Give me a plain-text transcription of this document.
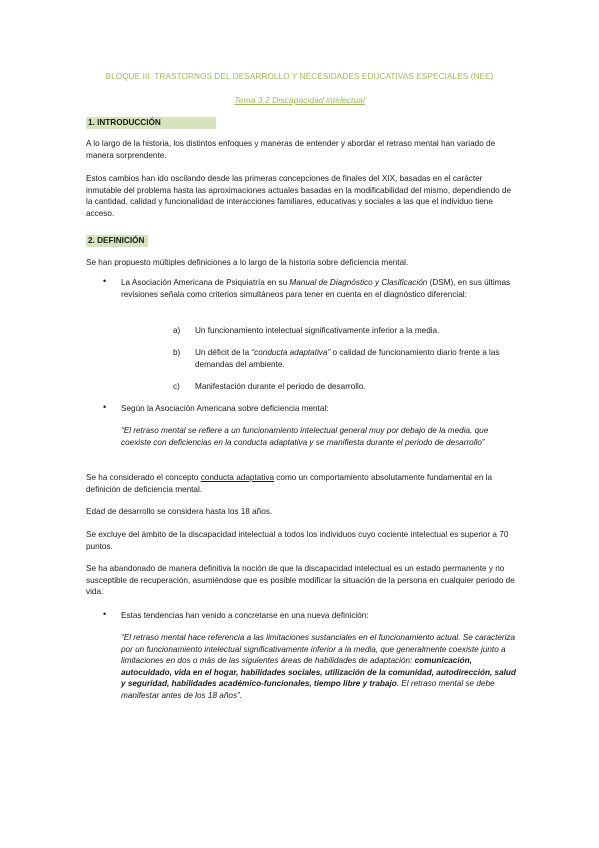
BLOQUE III: TRASTORNOS DEL DESARROLLO Y NECESIDADES EDUCATIVAS ESPECIALES (NEE)
Tema 3.2 Discapacidad intelectual
1. INTRODUCCIÓN
A lo largo de la historia, los distintos enfoques y maneras de entender y abordar el retraso mental han variado de manera sorprendente.
Estos cambios han ido oscilando desde las primeras concepciones de finales del XIX, basadas en el carácter inmutable del problema hasta las aproximaciones actuales basadas en la modificabilidad del mismo, dependiendo de la cantidad, calidad y funcionalidad de interacciones familiares, educativas y sociales a las que el individuo tiene acceso.
2. DEFINICIÓN
Se han propuesto múltiples definiciones a lo largo de la historia sobre deficiencia mental.
• La Asociación Americana de Psiquiatría en su Manual de Diagnóstico y Clasificación (DSM), en sus últimas revisiones señala como criterios simultáneos para tener en cuenta en el diagnóstico diferencial:
a)	Un funcionamiento intelectual significativamente inferior a la media.
b)	Un déficit de la “conducta adaptativa” o calidad de funcionamiento diario frente a las demandas del ambiente.
c)	Manifestación durante el periodo de desarrollo.
• Según la Asociación Americana sobre deficiencia mental:
“El retraso mental se refiere a un funcionamiento intelectual general muy por debajo de la media, que coexiste con deficiencias en la conducta adaptativa y se manifiesta durante el periodo de desarrollo”
Se ha considerado el concepto conducta adaptativa como un comportamiento absolutamente fundamental en la definición de deficiencia mental.
Edad de desarrollo se considera hasta los 18 años.
Se excluye del ámbito de la discapacidad intelectual a todos los individuos cuyo cociente intelectual es superior a 70 puntos.
Se ha abandonado de manera definitiva la noción de que la discapacidad intelectual es un estado permanente y no susceptible de recuperación, asumiéndose que es posible modificar la situación de la persona en cualquier periodo de vida.
• Estas tendencias han venido a concretarse en una nueva definición:
“El retraso mental hace referencia a las limitaciones sustanciales en el funcionamiento actual. Se caracteriza por un funcionamiento intelectual significativamente inferior a la media, que generalmente coexiste junto a limitaciones en dos o más de las siguientes áreas de habilidades de adaptación: comunicación, autocuidado, vida en el hogar, habilidades sociales, utilización de la comunidad, autodirección, salud y seguridad, habilidades académico-funcionales, tiempo libre y trabajo. El retraso mental se debe manifestar antes de los 18 años”.
